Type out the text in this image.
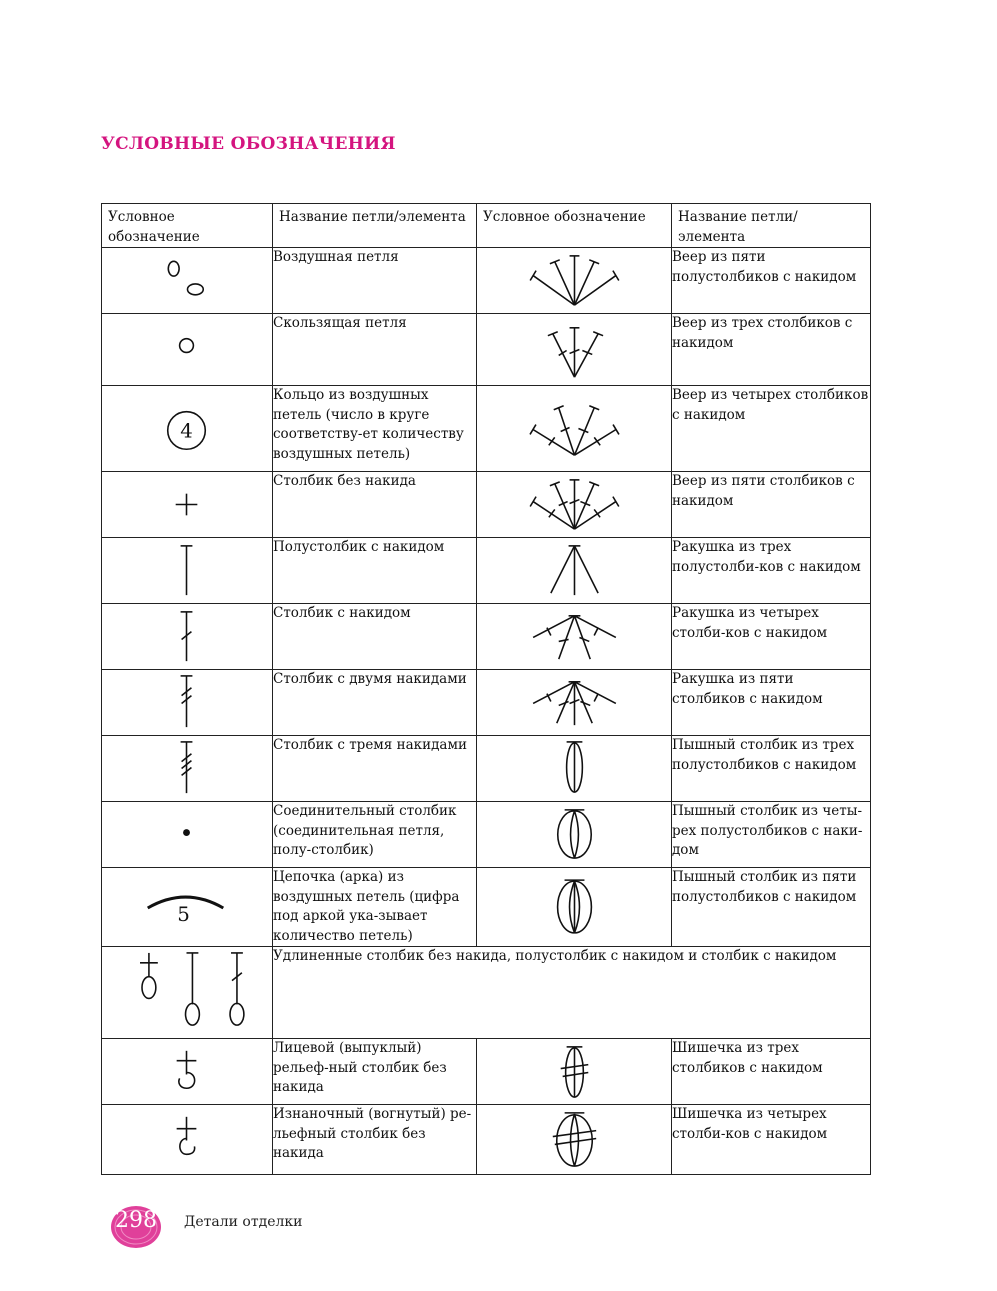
УСЛОВНЫЕ ОБОЗНАЧЕНИЯ
Условное обозначение	Название петли/элемента	Условное обозначение	Название петли/элемента

	Воздушная петля		Веер из пяти полустолбиков с накидом

	Скользящая петля		Веер из трех столбиков с накидом

4	Кольцо из воздушных петель (число в круге соответству-ет количеству воздушных петель)		Веер из четырех столбиков с накидом

	Столбик без накида		Веер из пяти столбиков с накидом

	Полустолбик с накидом		Ракушка из трех полустолби-ков с накидом

	Столбик с накидом		Ракушка из четырех столби-ков с накидом

	Столбик с двумя накидами		Ракушка из пяти столбиков с накидом

	Столбик с тремя накидами		Пышный столбик из трех полустолбиков с накидом

	Соединительный столбик (соединительная петля, полу-столбик)		Пышный столбик из четы-рех полустолбиков с наки-дом

5	Цепочка (арка) из воздушных петель (цифра под аркой ука-зывает количество петель)		Пышный столбик из пяти полустолбиков с накидом

	Удлиненные столбик без накида, полустолбик с накидом и столбик с накидом		

	Лицевой (выпуклый) рельеф-ный столбик без накида		Шишечка из трех столбиков с накидом

	Изнаночный (вогнутый) ре-льефный столбик без накида		Шишечка из четырех столби-ков с накидом
298	Детали отделки
